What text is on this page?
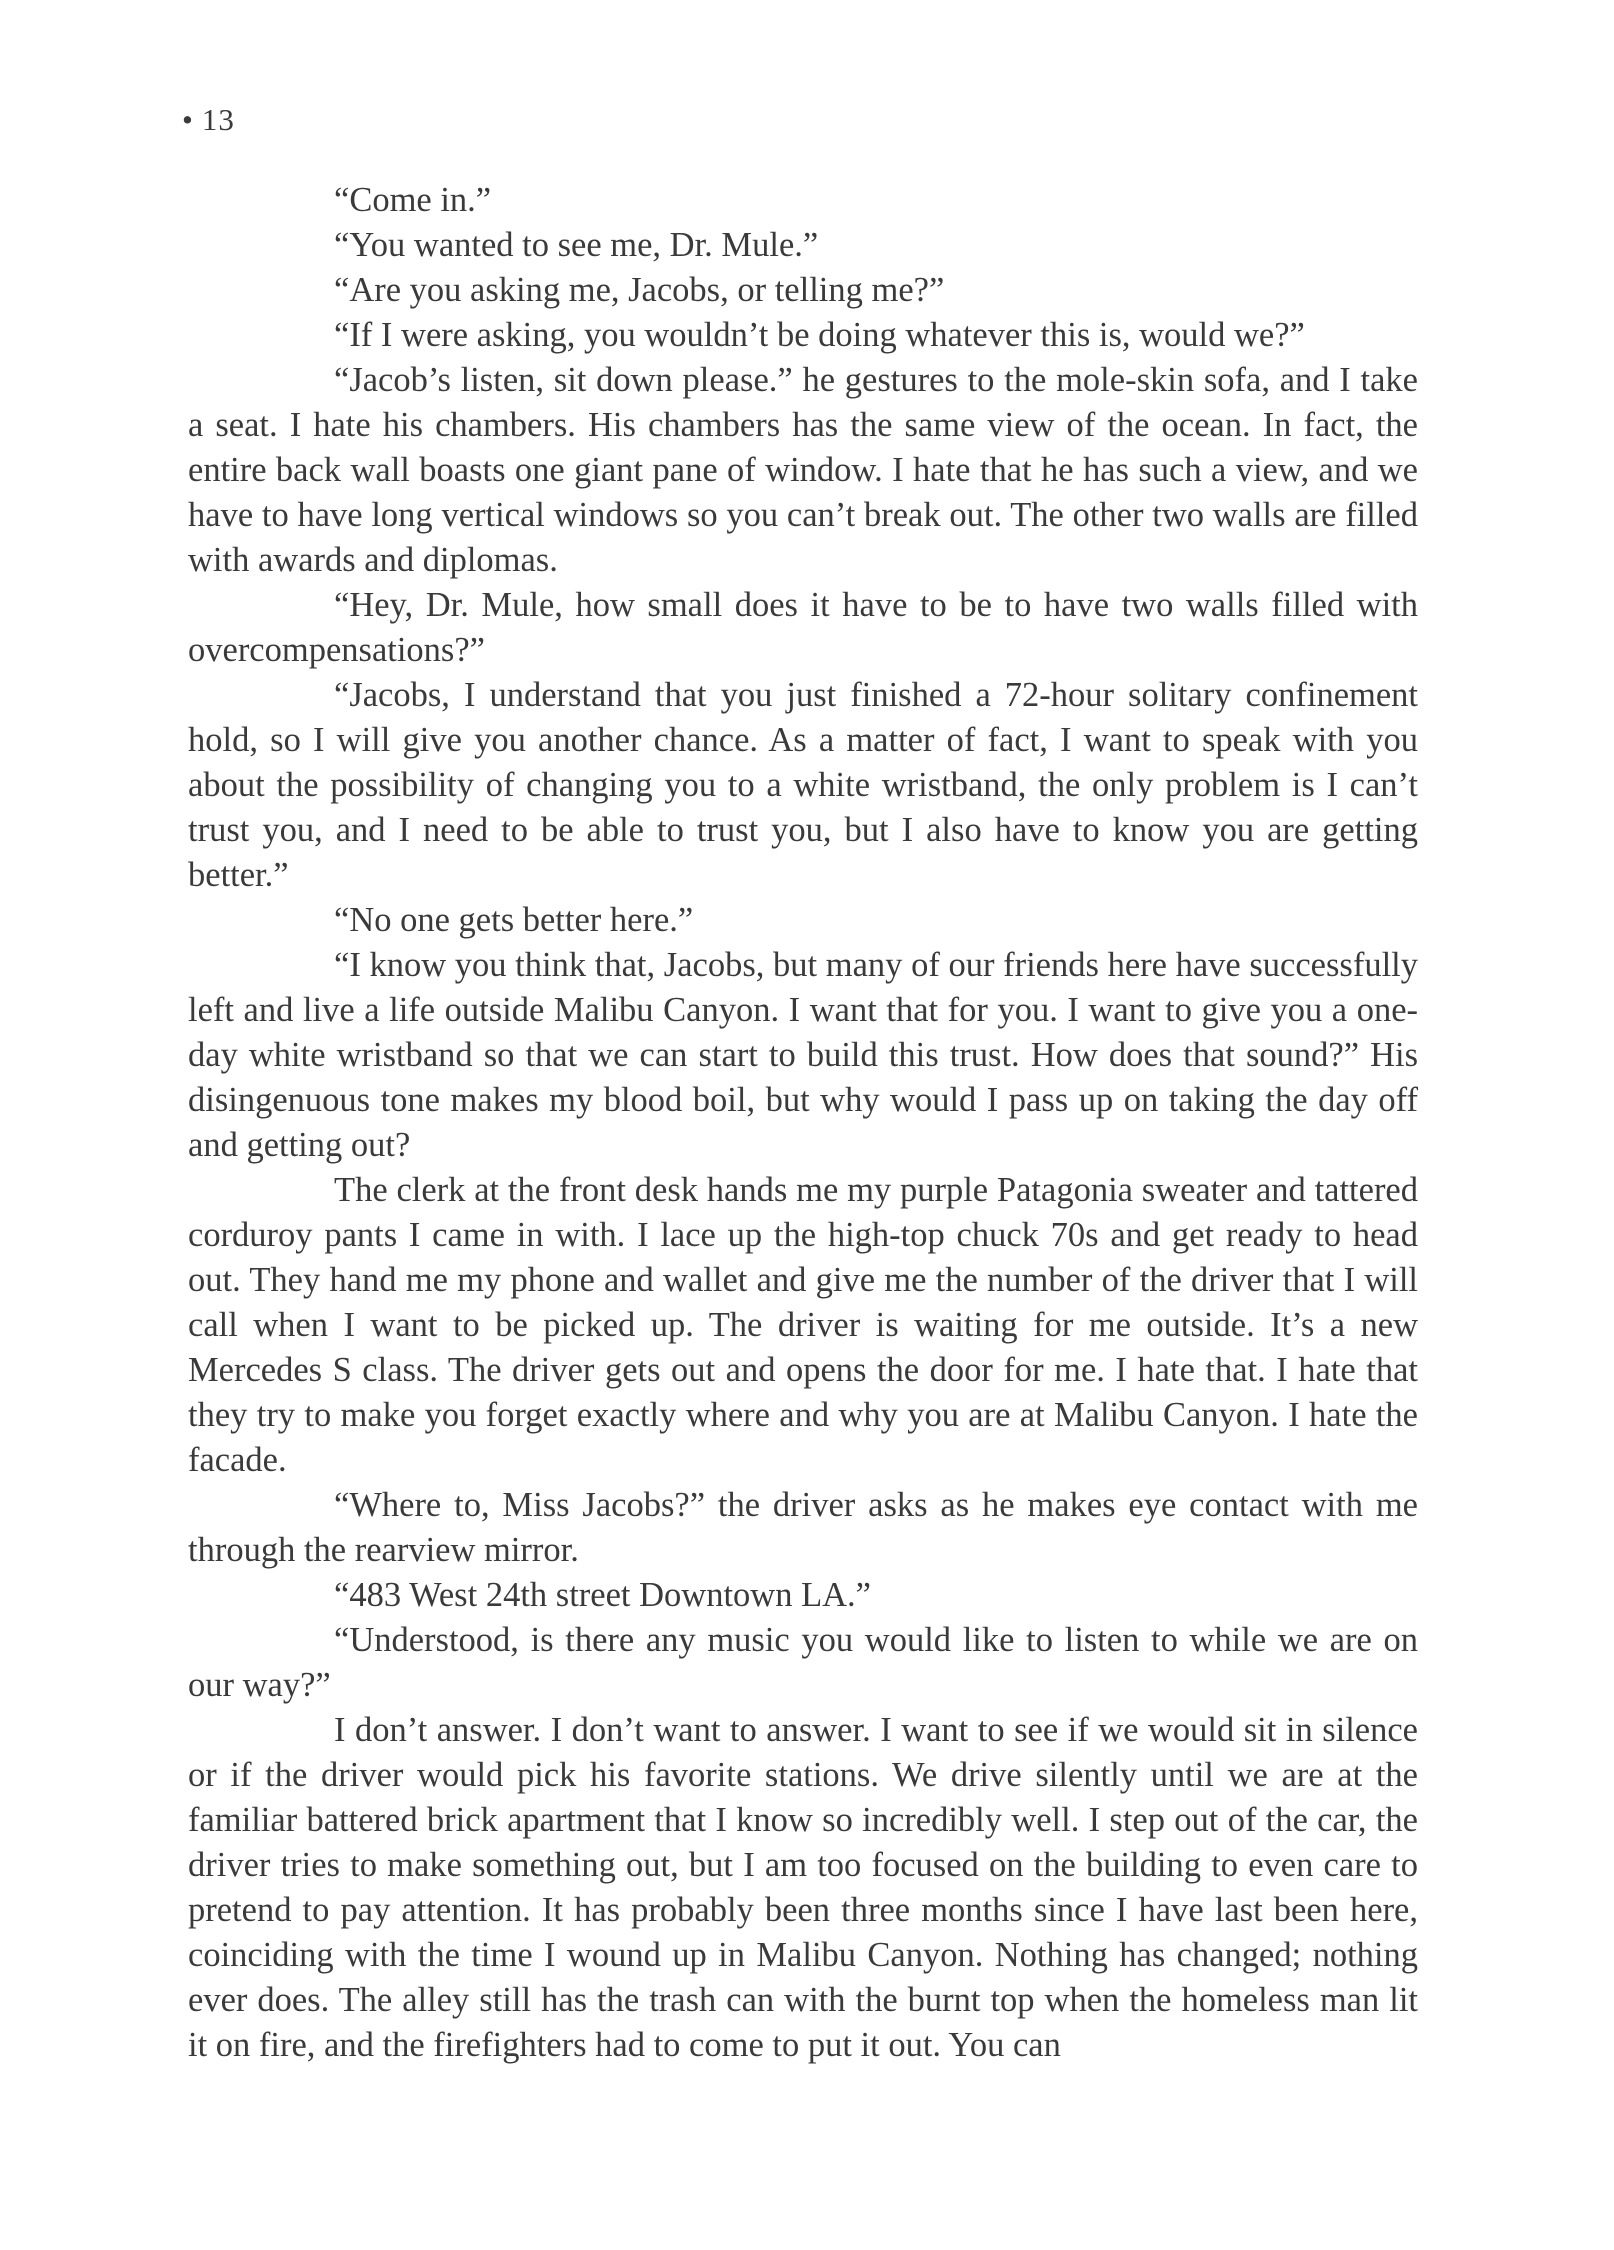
• 13

“Come in.”

“You wanted to see me, Dr. Mule.”

“Are you asking me, Jacobs, or telling me?”

“If I were asking, you wouldn’t be doing whatever this is, would we?”

“Jacob’s listen, sit down please.” he gestures to the mole-skin sofa, and I take a seat. I hate his chambers. His chambers has the same view of the ocean. In fact, the entire back wall boasts one giant pane of window. I hate that he has such a view, and we have to have long vertical windows so you can’t break out. The other two walls are filled with awards and diplomas.

“Hey, Dr. Mule, how small does it have to be to have two walls filled with overcompensations?”

“Jacobs, I understand that you just finished a 72-hour solitary confinement hold, so I will give you another chance. As a matter of fact, I want to speak with you about the possibility of changing you to a white wristband, the only problem is I can’t trust you, and I need to be able to trust you, but I also have to know you are getting better.”

“No one gets better here.”

“I know you think that, Jacobs, but many of our friends here have successfully left and live a life outside Malibu Canyon. I want that for you. I want to give you a one-day white wristband so that we can start to build this trust. How does that sound?” His disingenuous tone makes my blood boil, but why would I pass up on taking the day off and getting out?

The clerk at the front desk hands me my purple Patagonia sweater and tattered corduroy pants I came in with. I lace up the high-top chuck 70s and get ready to head out. They hand me my phone and wallet and give me the number of the driver that I will call when I want to be picked up. The driver is waiting for me outside. It’s a new Mercedes S class. The driver gets out and opens the door for me. I hate that. I hate that they try to make you forget exactly where and why you are at Malibu Canyon. I hate the facade.

“Where to, Miss Jacobs?” the driver asks as he makes eye contact with me through the rearview mirror.

“483 West 24th street Downtown LA.”

“Understood, is there any music you would like to listen to while we are on our way?”

I don’t answer. I don’t want to answer. I want to see if we would sit in silence or if the driver would pick his favorite stations. We drive silently until we are at the familiar battered brick apartment that I know so incredibly well. I step out of the car, the driver tries to make something out, but I am too focused on the building to even care to pretend to pay attention. It has probably been three months since I have last been here, coinciding with the time I wound up in Malibu Canyon. Nothing has changed; nothing ever does. The alley still has the trash can with the burnt top when the homeless man lit it on fire, and the firefighters had to come to put it out. You can
